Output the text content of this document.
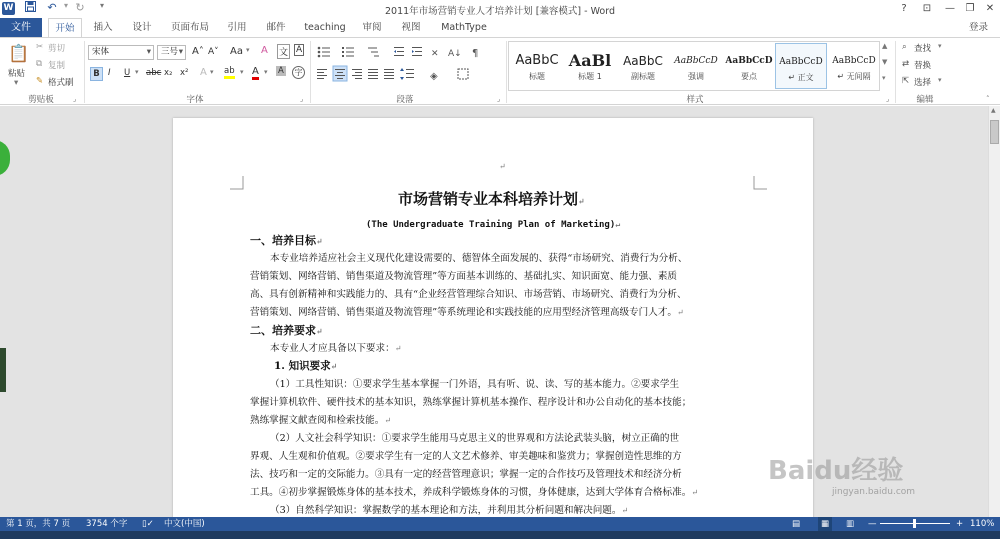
W	↶ ▾ ↻	▾
2011年市场营销专业人才培养计划 [兼容模式] - Word	?	⊡	—	❐	✕
文件	开始	插入	设计	页面布局	引用	邮件	teaching	审阅	视图	MathType	登录
📋
粘贴
▾
✂ 剪切
⧉ 复制
✎ 格式刷
剪贴板	⌟
宋体	▾	三号 ▾ A˄ A˅ Aa ▾ A 文 A
B I U ▾ abc x₂ x² A ▾ ab ▾ A ▾ A	字
字体	⌟
✕ A↓ ¶
◈
段落	⌟
AaBbC
标题
AaBl
标题 1
AaBbC
副标题
AaBbCcD
强调
AaBbCcD
要点
AaBbCcD
↵ 正文
AaBbCcD
↵ 无间隔
▲
▼
▾
样式	⌟
⌕ 查找 ▾
⇄ 替换
⇱ 选择 ▾
编辑	˄
↵
市场营销专业本科培养计划↵
(The Undergraduate Training Plan of Marketing)↵
一、培养目标↵
本专业培养适应社会主义现代化建设需要的、德智体全面发展的、获得“市场研究、消费行为分析、
营销策划、网络营销、销售渠道及物流管理”等方面基本训练的、基础扎实、知识面宽、能力强、素质
高、具有创新精神和实践能力的、具有“企业经营管理综合知识、市场营销、市场研究、消费行为分析、
营销策划、网络营销、销售渠道及物流管理”等系统理论和实践技能的应用型经济管理高级专门人才。↵
二、培养要求↵
本专业人才应具备以下要求：↵
1. 知识要求↵
（1）工具性知识：①要求学生基本掌握一门外语，具有听、说、读、写的基本能力。②要求学生
掌握计算机软件、硬件技术的基本知识，熟练掌握计算机基本操作、程序设计和办公自动化的基本技能；
熟练掌握文献查阅和检索技能。↵
（2）人文社会科学知识：①要求学生能用马克思主义的世界观和方法论武装头脑，树立正确的世
界观、人生观和价值观。②要求学生有一定的人文艺术修养、审美趣味和鉴赏力；掌握创造性思维的方
法、技巧和一定的交际能力。③具有一定的经营管理意识；掌握一定的合作技巧及管理技术和经济分析
工具。④初步掌握锻炼身体的基本技术，养成科学锻炼身体的习惯，身体健康，达到大学体育合格标准。↵
（3）自然科学知识：掌握数学的基本理论和方法，并利用其分析问题和解决问题。↵
Baidu经验
jingyan.baidu.com
▲
第 1 页，共 7 页 3754 个字 ▯✓ 中文(中国)	▤	▦	▥ —	+ 110%
